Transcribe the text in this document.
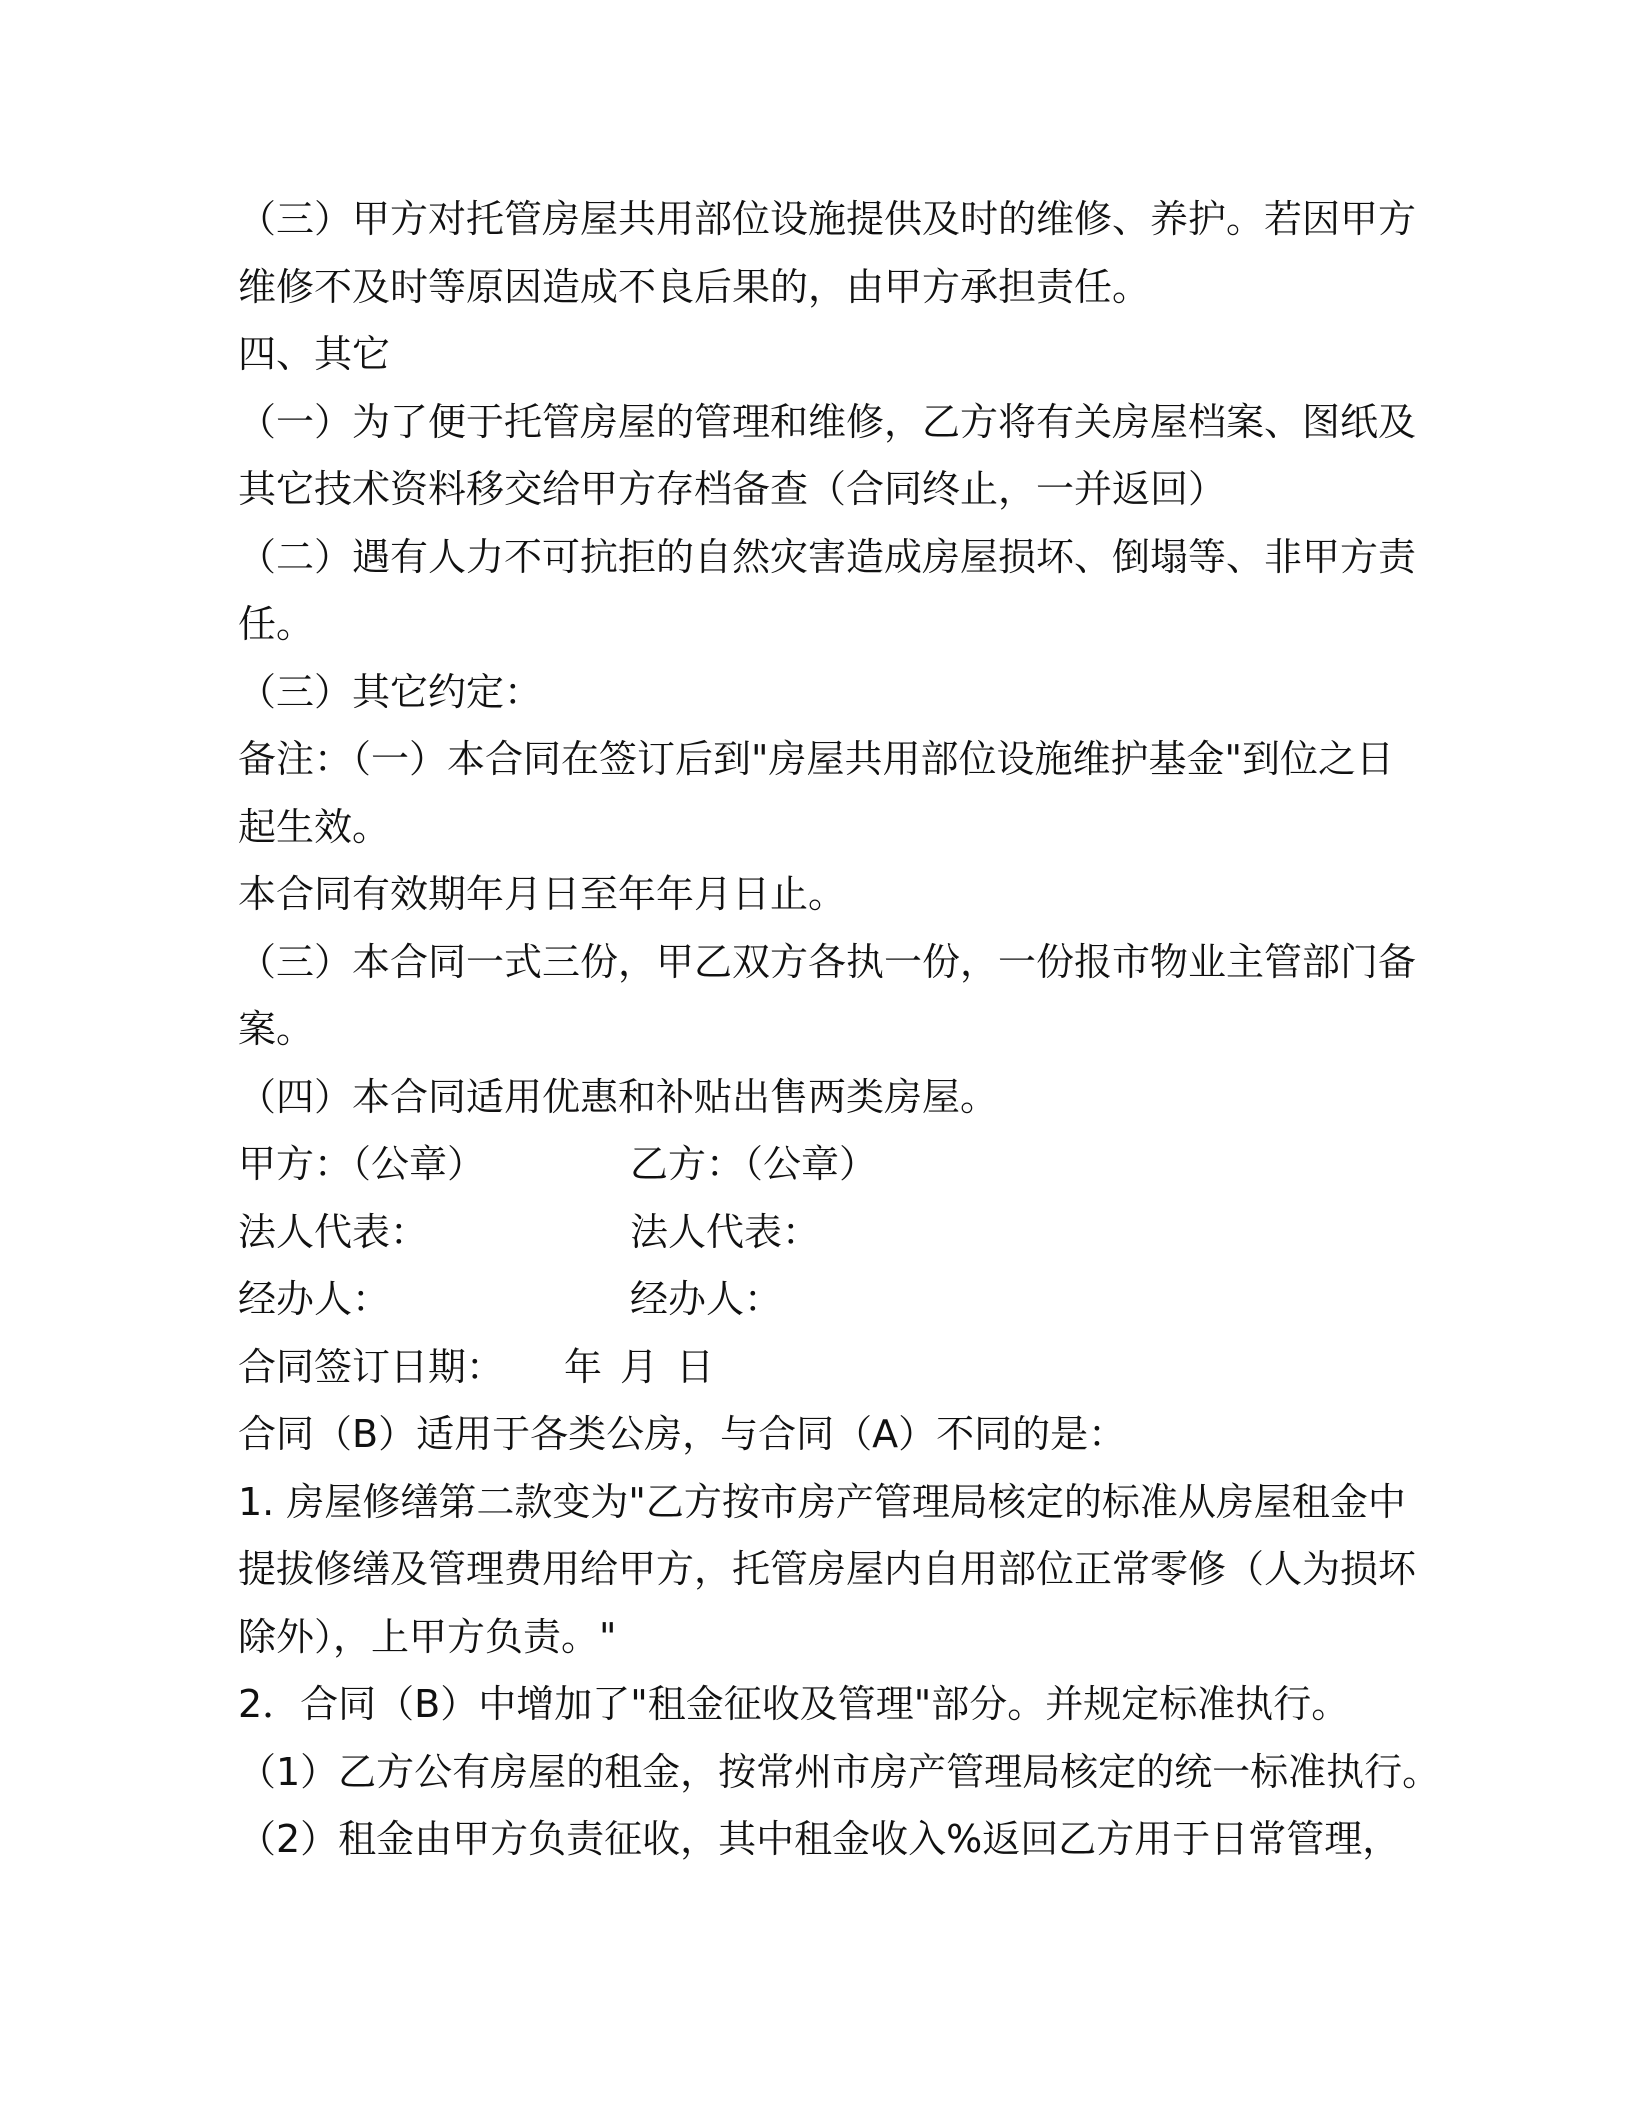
（三）甲方对托管房屋共用部位设施提供及时的维修、养护。若因甲方
维修不及时等原因造成不良后果的，由甲方承担责任。
四、其它
（一）为了便于托管房屋的管理和维修，乙方将有关房屋档案、图纸及
其它技术资料移交给甲方存档备查（合同终止，一并返回）
（二）遇有人力不可抗拒的自然灾害造成房屋损坏、倒塌等、非甲方责
任。
（三）其它约定：
备注：（一）本合同在签订后到"房屋共用部位设施维护基金"到位之日
起生效。
本合同有效期年月日至年年月日止。
（三）本合同一式三份，甲乙双方各执一份，一份报市物业主管部门备
案。
（四）本合同适用优惠和补贴出售两类房屋。
甲方：（公章）	乙方：（公章）
法人代表：	法人代表：
经办人：	经办人：
合同签订日期： 年 月 日
合同（B）适用于各类公房，与合同（A）不同的是：
1. 房屋修缮第二款变为"乙方按市房产管理局核定的标准从房屋租金中
提拔修缮及管理费用给甲方，托管房屋内自用部位正常零修（人为损坏
除外），上甲方负责。"
2．合同（B）中增加了"租金征收及管理"部分。并规定标准执行。
（1）乙方公有房屋的租金，按常州市房产管理局核定的统一标准执行。
（2）租金由甲方负责征收，其中租金收入%返回乙方用于日常管理，
